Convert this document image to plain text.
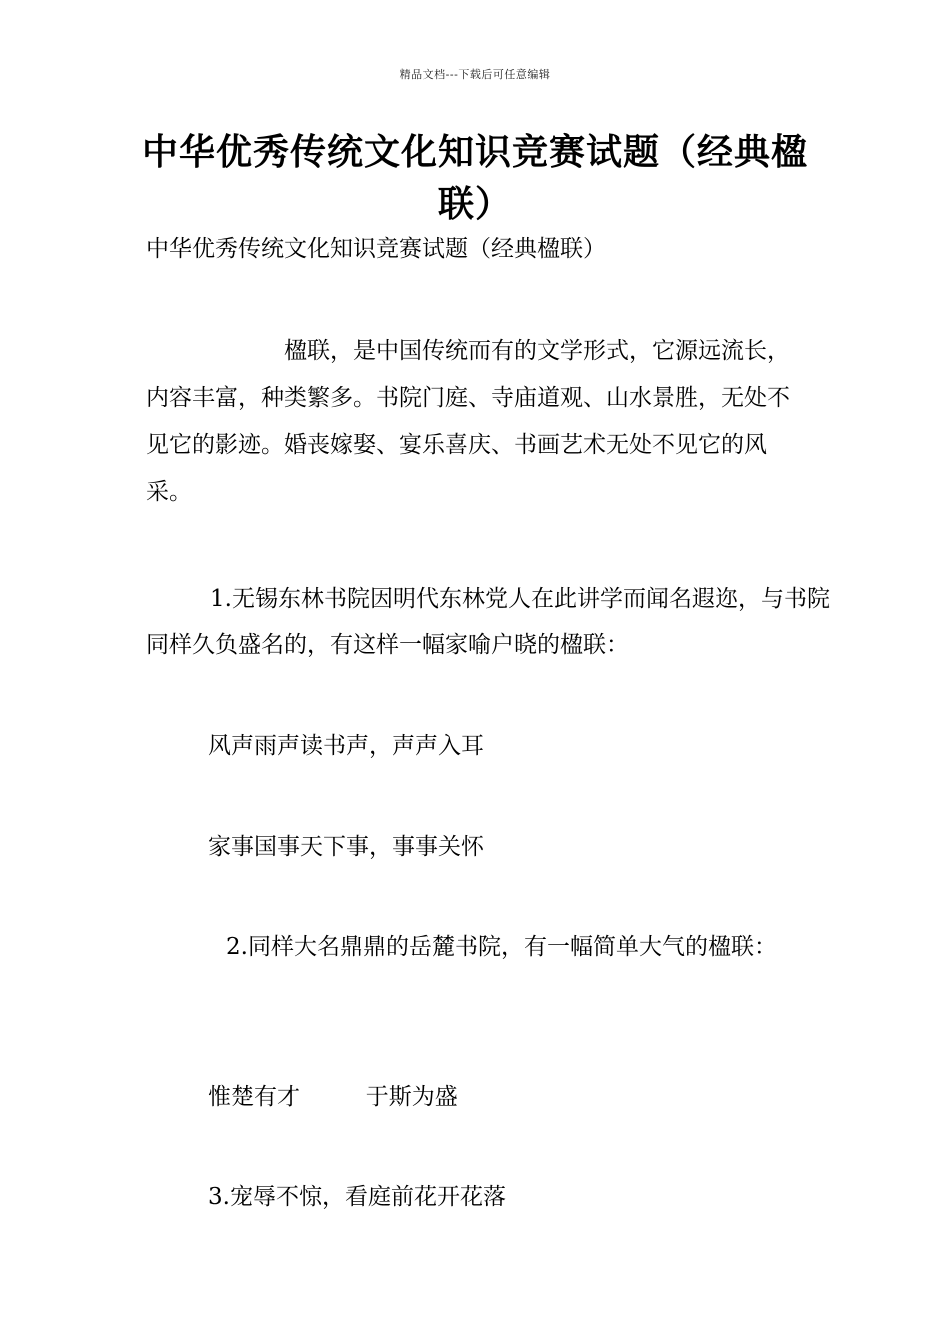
精品文档---下载后可任意编辑
中华优秀传统文化知识竞赛试题（经典楹联）

中华优秀传统文化知识竞赛试题（经典楹联）

楹联，是中国传统而有的文学形式，它源远流长，内容丰富，种类繁多。书院门庭、寺庙道观、山水景胜，无处不见它的影迹。婚丧嫁娶、宴乐喜庆、书画艺术无处不见它的风采。

1.无锡东林书院因明代东林党人在此讲学而闻名遐迩，与书院同样久负盛名的，有这样一幅家喻户晓的楹联：

风声雨声读书声，声声入耳

家事国事天下事，事事关怀

2.同样大名鼎鼎的岳麓书院，有一幅简单大气的楹联：

惟楚有才         于斯为盛

3.宠辱不惊，看庭前花开花落
